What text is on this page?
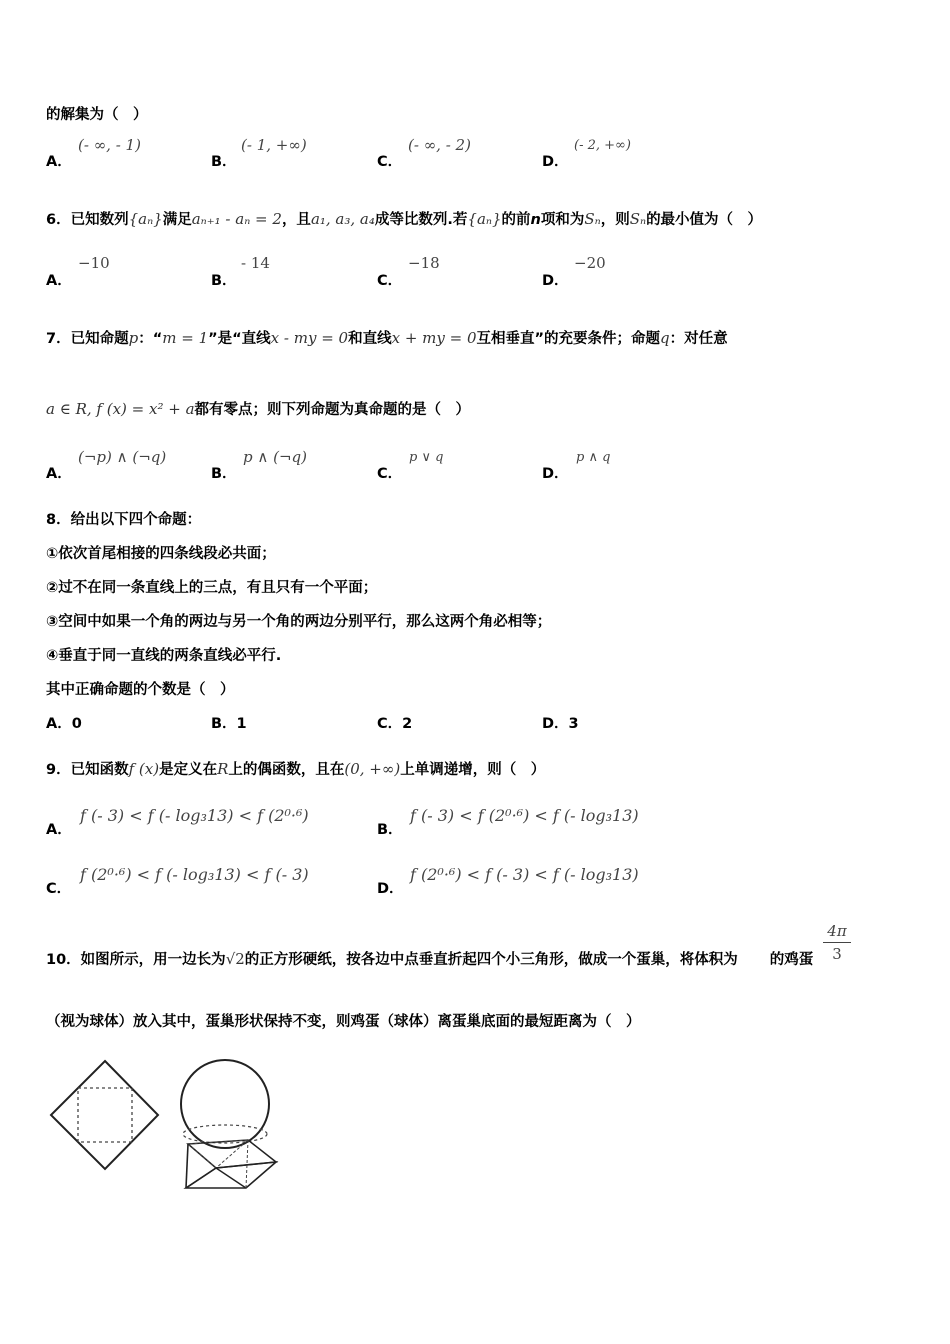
的解集为（　）
A．
(- ∞, - 1)
B．
(- 1, +∞)
C．
(- ∞, - 2)
D．
(- 2, +∞)
6．已知数列{aₙ}满足aₙ₊₁ - aₙ = 2，且a₁, a₃, a₄成等比数列.若{aₙ}的前n项和为Sₙ，则Sₙ的最小值为（　）
A．
−10
B．
- 14
C．
−18
D．
−20
7．已知命题p：“m = 1”是“直线x - my = 0和直线x + my = 0互相垂直”的充要条件；命题q：对任意
a ∈ R, f (x) = x² + a都有零点；则下列命题为真命题的是（　）
A．
(¬p) ∧ (¬q)
B．
p ∧ (¬q)
C．
p ∨ q
D．
p ∧ q
8．给出以下四个命题：
①依次首尾相接的四条线段必共面；
②过不在同一条直线上的三点，有且只有一个平面；
③空间中如果一个角的两边与另一个角的两边分别平行，那么这两个角必相等；
④垂直于同一直线的两条直线必平行.
其中正确命题的个数是（　）
A．0	B．1	C．2	D．3
9．已知函数f (x)是定义在R上的偶函数，且在(0, +∞)上单调递增，则（　）
A．
f (- 3) < f (- log₃13) < f (2⁰·⁶)
B．
f (- 3) < f (2⁰·⁶) < f (- log₃13)
C．
f (2⁰·⁶) < f (- log₃13) < f (- 3)
D．
f (2⁰·⁶) < f (- 3) < f (- log₃13)
10．如图所示，用一边长为√2的正方形硬纸，按各边中点垂直折起四个小三角形，做成一个蛋巢，将体积为 的鸡蛋
4π
3
（视为球体）放入其中，蛋巢形状保持不变，则鸡蛋（球体）离蛋巢底面的最短距离为（　）
